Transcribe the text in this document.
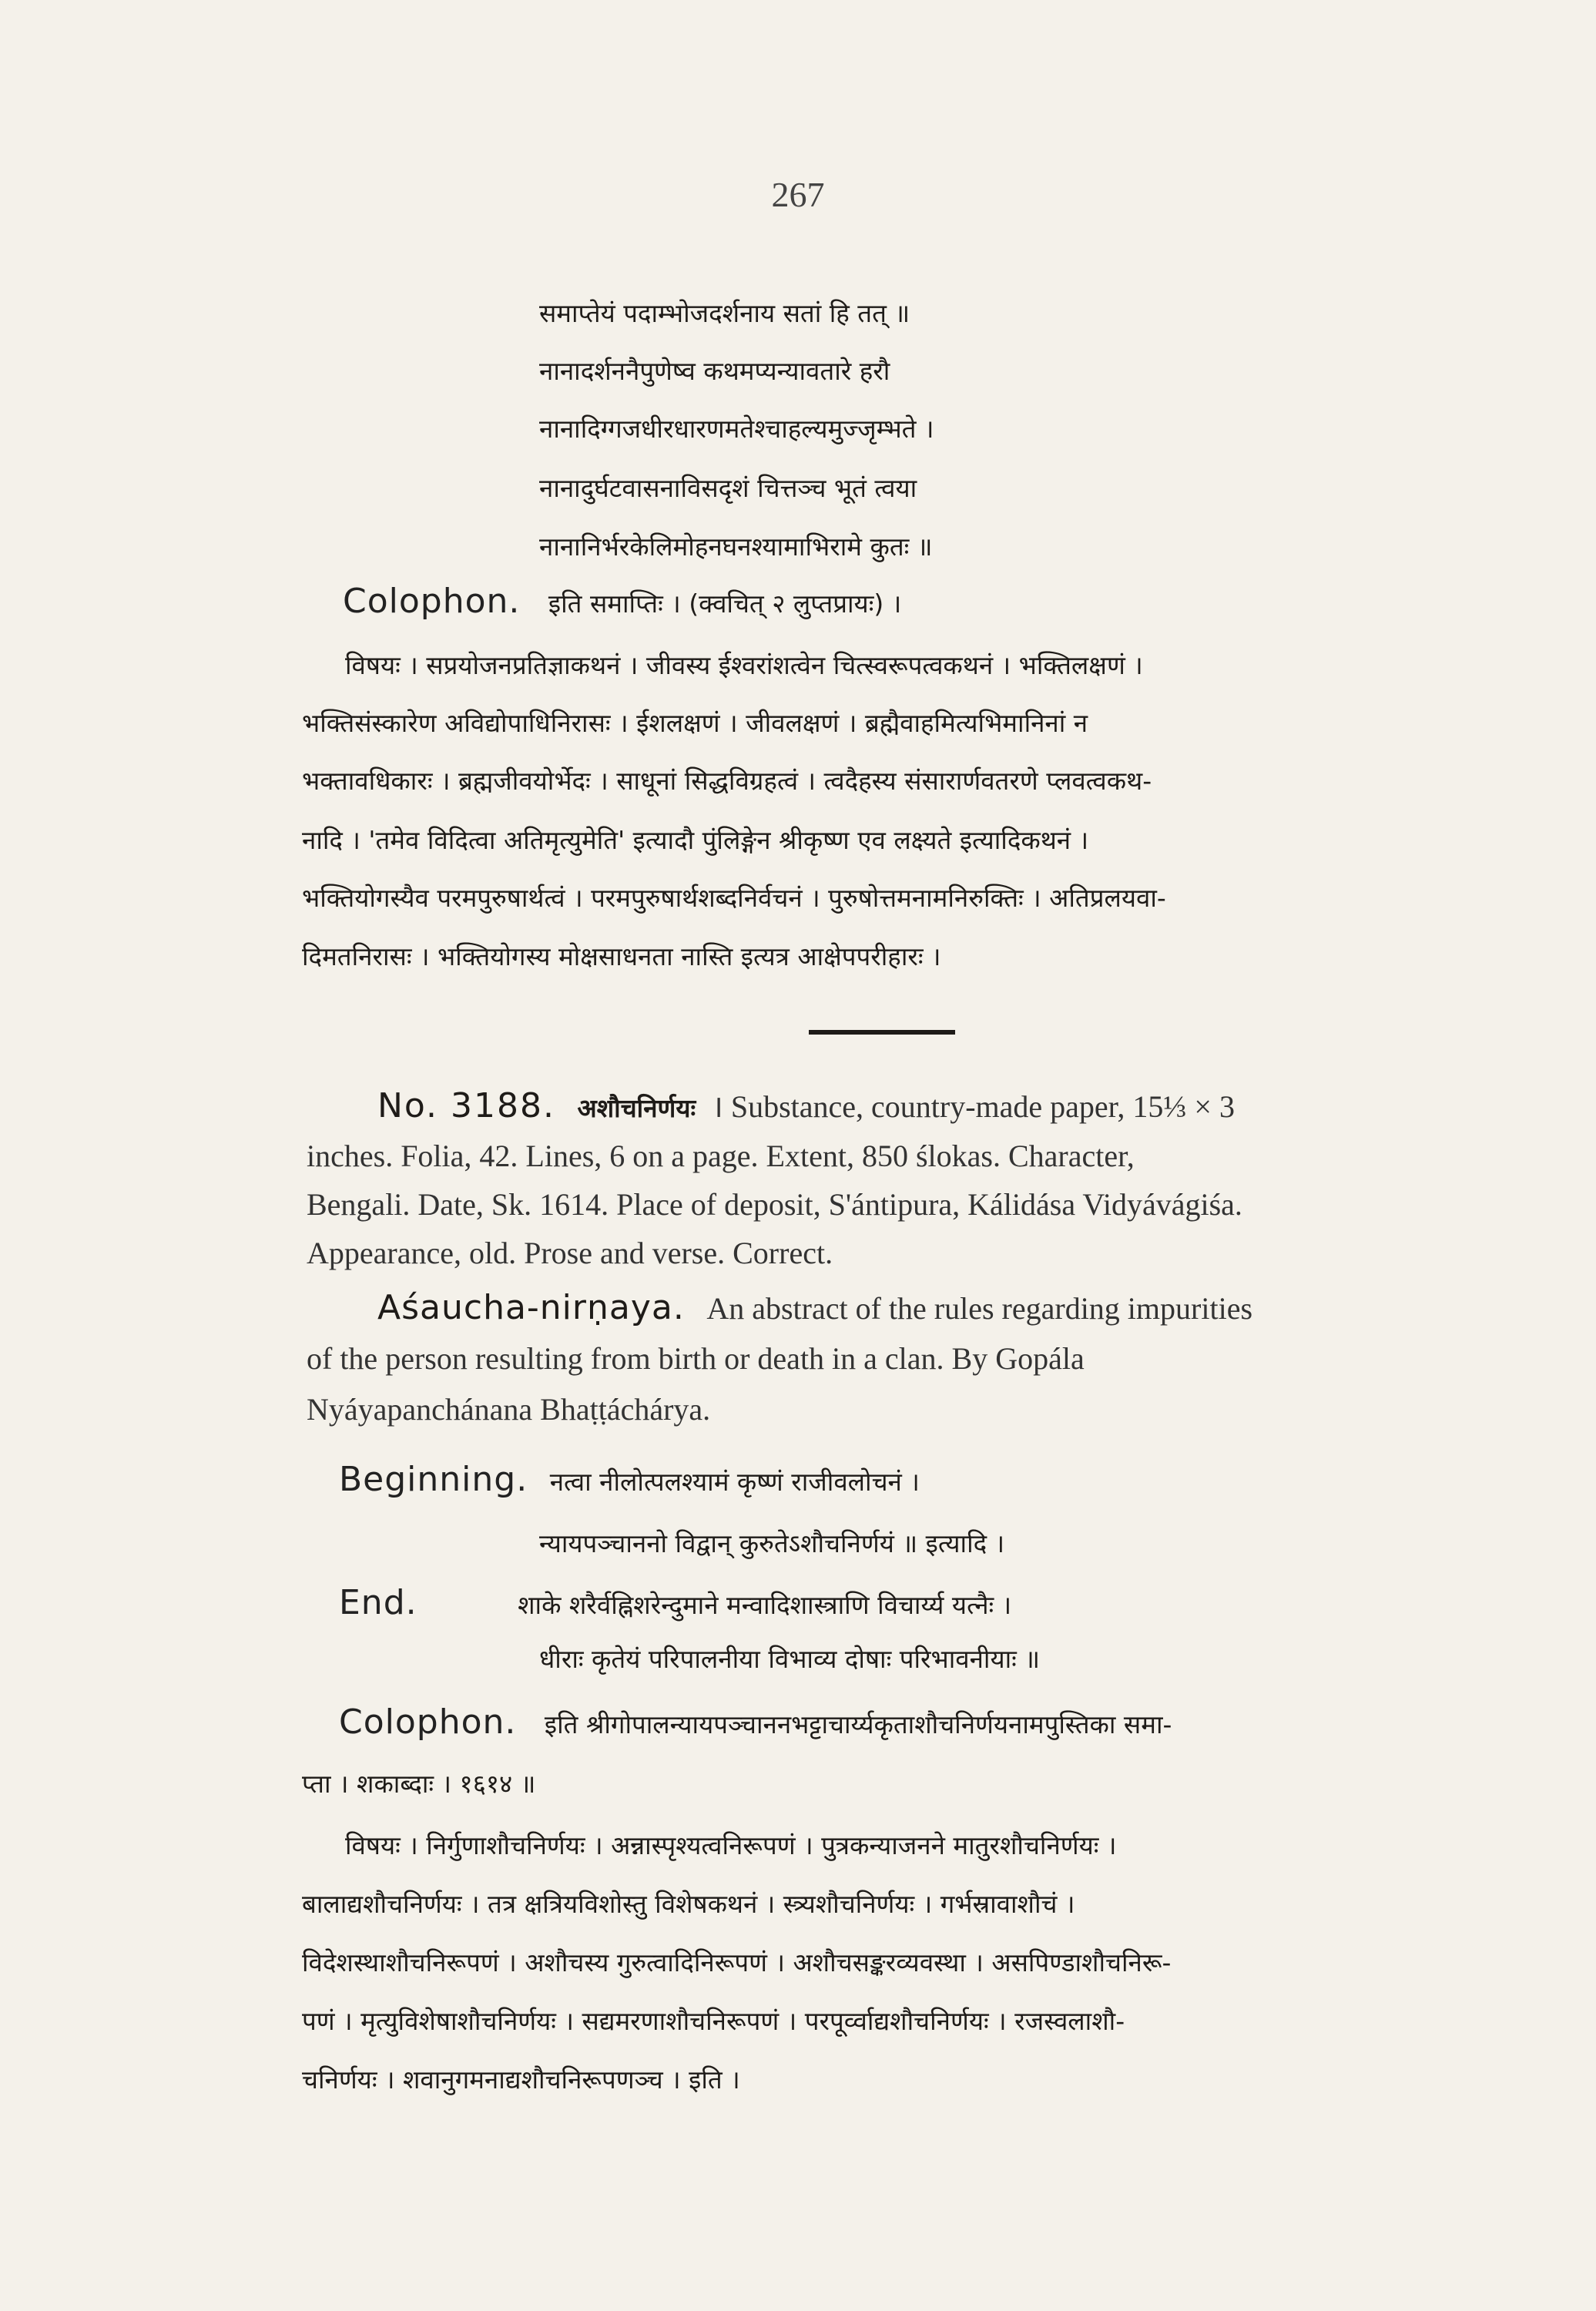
267
समाप्तेयं पदाम्भोजदर्शनाय सतां हि तत् ॥
नानादर्शननैपुणेष्व कथमप्यन्यावतारे हरौ
नानादिग्गजधीरधारणमतेश्चाहल्यमुज्जृम्भते ।
नानादुर्घटवासनाविसदृशं चित्तञ्च भूतं त्वया
नानानिर्भरकेलिमोहनघनश्यामाभिरामे कुतः ॥
Colophon. इति समाप्तिः । (क्वचित् २ लुप्तप्रायः) ।
विषयः । सप्रयोजनप्रतिज्ञाकथनं । जीवस्य ईश्वरांशत्वेन चित्स्वरूपत्वकथनं । भक्तिलक्षणं ।
भक्तिसंस्कारेण अविद्योपाधिनिरासः । ईशलक्षणं । जीवलक्षणं । ब्रह्मैवाहमित्यभिमानिनां न
भक्तावधिकारः । ब्रह्मजीवयोर्भेदः । साधूनां सिद्धविग्रहत्वं । त्वदैहस्य संसारार्णवतरणे प्लवत्वकथ-
नादि । 'तमेव विदित्वा अतिमृत्युमेति' इत्यादौ पुंलिङ्गेन श्रीकृष्ण एव लक्ष्यते इत्यादिकथनं ।
भक्तियोगस्यैव परमपुरुषार्थत्वं । परमपुरुषार्थशब्दनिर्वचनं । पुरुषोत्तमनामनिरुक्तिः । अतिप्रलयवा-
दिमतनिरासः । भक्तियोगस्य मोक्षसाधनता नास्ति इत्यत्र आक्षेपपरीहारः ।
No. 3188. अशौचनिर्णयः । Substance, country-made paper, 15⅓ × 3
inches. Folia, 42. Lines, 6 on a page. Extent, 850 ślokas. Character,
Bengali. Date, Sk. 1614. Place of deposit, S'ántipura, Kálidása Vidyávágiśa.
Appearance, old. Prose and verse. Correct.
Aśaucha-nirṇaya. An abstract of the rules regarding impurities
of the person resulting from birth or death in a clan. By Gopála
Nyáyapanchánana Bhaṭṭáchárya.
Beginning. नत्वा नीलोत्पलश्यामं कृष्णं राजीवलोचनं ।
न्यायपञ्चाननो विद्वान् कुरुतेऽशौचनिर्णयं ॥ इत्यादि ।
End.	शाके शरैर्वह्निशरेन्दुमाने मन्वादिशास्त्राणि विचार्य्य यत्नैः ।
धीराः कृतेयं परिपालनीया विभाव्य दोषाः परिभावनीयाः ॥
Colophon. इति श्रीगोपालन्यायपञ्चाननभट्टाचार्य्यकृताशौचनिर्णयनामपुस्तिका समा-
प्ता । शकाब्दाः । १६१४ ॥
विषयः । निर्गुणाशौचनिर्णयः । अन्नास्पृश्यत्वनिरूपणं । पुत्रकन्याजनने मातुरशौचनिर्णयः ।
बालाद्यशौचनिर्णयः । तत्र क्षत्रियविशोस्तु विशेषकथनं । स्त्र्यशौचनिर्णयः । गर्भस्रावाशौचं ।
विदेशस्थाशौचनिरूपणं । अशौचस्य गुरुत्वादिनिरूपणं । अशौचसङ्करव्यवस्था । असपिण्डाशौचनिरू-
पणं । मृत्युविशेषाशौचनिर्णयः । सद्यमरणाशौचनिरूपणं । परपूर्व्वाद्यशौचनिर्णयः । रजस्वलाशौ-
चनिर्णयः । शवानुगमनाद्यशौचनिरूपणञ्च । इति ।
